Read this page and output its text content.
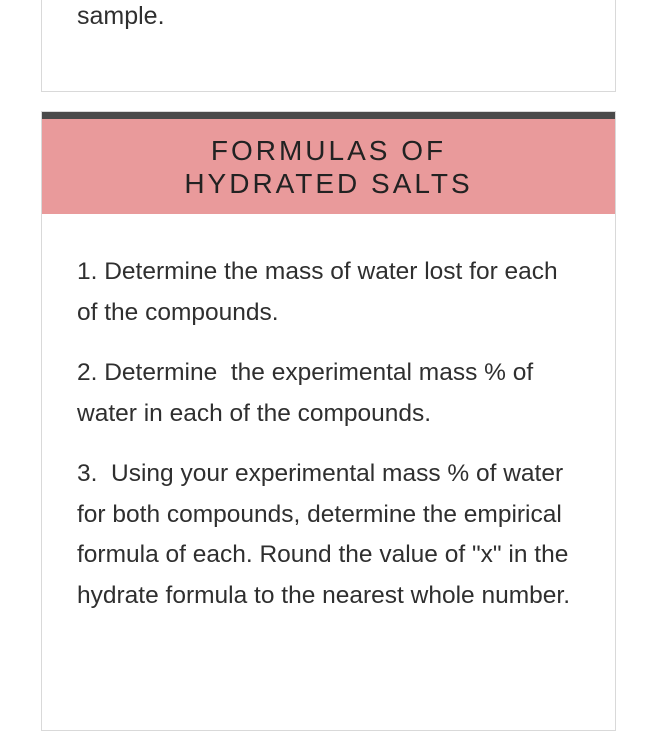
sample.
FORMULAS OF HYDRATED SALTS

1. Determine the mass of water lost for each of the compounds.

2. Determine  the experimental mass % of water in each of the compounds.

3.  Using your experimental mass % of water for both compounds, determine the empirical formula of each. Round the value of "x" in the hydrate formula to the nearest whole number.
